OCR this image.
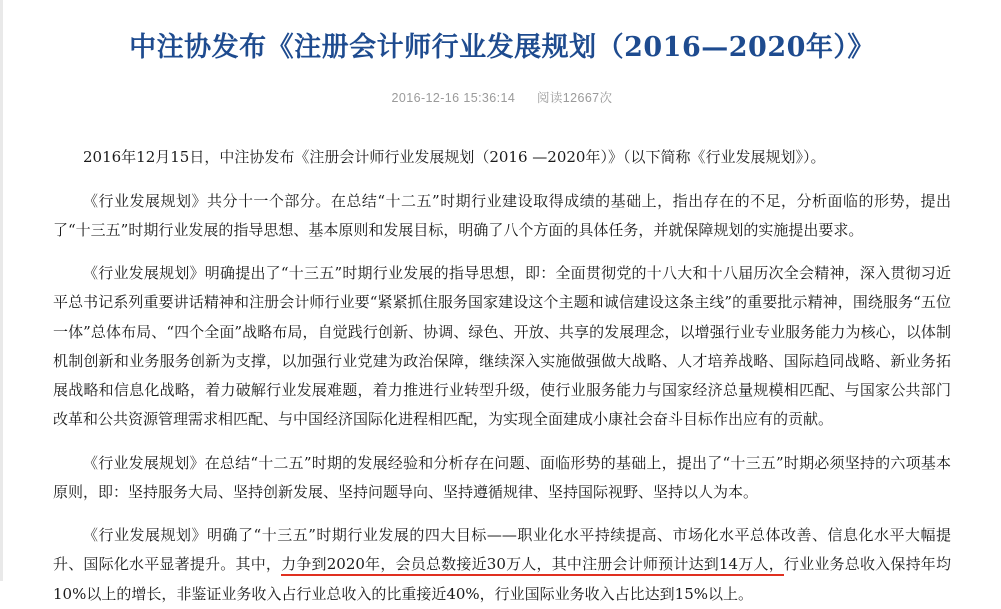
中注协发布《注册会计师行业发展规划（2016—2020年）》
2016-12-16 15:36:14 阅读12667次

2016年12月15日，中注协发布《注册会计师行业发展规划（2016 —2020年）》（以下简称《行业发展规划》）。

《行业发展规划》共分十一个部分。在总结“十二五”时期行业建设取得成绩的基础上，指出存在的不足，分析面临的形势，提出了“十三五”时期行业发展的指导思想、基本原则和发展目标，明确了八个方面的具体任务，并就保障规划的实施提出要求。

《行业发展规划》明确提出了“十三五”时期行业发展的指导思想，即：全面贯彻党的十八大和十八届历次全会精神，深入贯彻习近平总书记系列重要讲话精神和注册会计师行业要“紧紧抓住服务国家建设这个主题和诚信建设这条主线”的重要批示精神，围绕服务“五位一体”总体布局、“四个全面”战略布局，自觉践行创新、协调、绿色、开放、共享的发展理念，以增强行业专业服务能力为核心，以体制机制创新和业务服务创新为支撑，以加强行业党建为政治保障，继续深入实施做强做大战略、人才培养战略、国际趋同战略、新业务拓展战略和信息化战略，着力破解行业发展难题，着力推进行业转型升级，使行业服务能力与国家经济总量规模相匹配、与国家公共部门改革和公共资源管理需求相匹配、与中国经济国际化进程相匹配，为实现全面建成小康社会奋斗目标作出应有的贡献。

《行业发展规划》在总结“十二五”时期的发展经验和分析存在问题、面临形势的基础上，提出了“十三五”时期必须坚持的六项基本原则，即：坚持服务大局、坚持创新发展、坚持问题导向、坚持遵循规律、坚持国际视野、坚持以人为本。

《行业发展规划》明确了“十三五”时期行业发展的四大目标——职业化水平持续提高、市场化水平总体改善、信息化水平大幅提升、国际化水平显著提升。其中，力争到2020年，会员总数接近30万人，其中注册会计师预计达到14万人，行业业务总收入保持年均10%以上的增长，非鉴证业务收入占行业总收入的比重接近40%，行业国际业务收入占比达到15%以上。
